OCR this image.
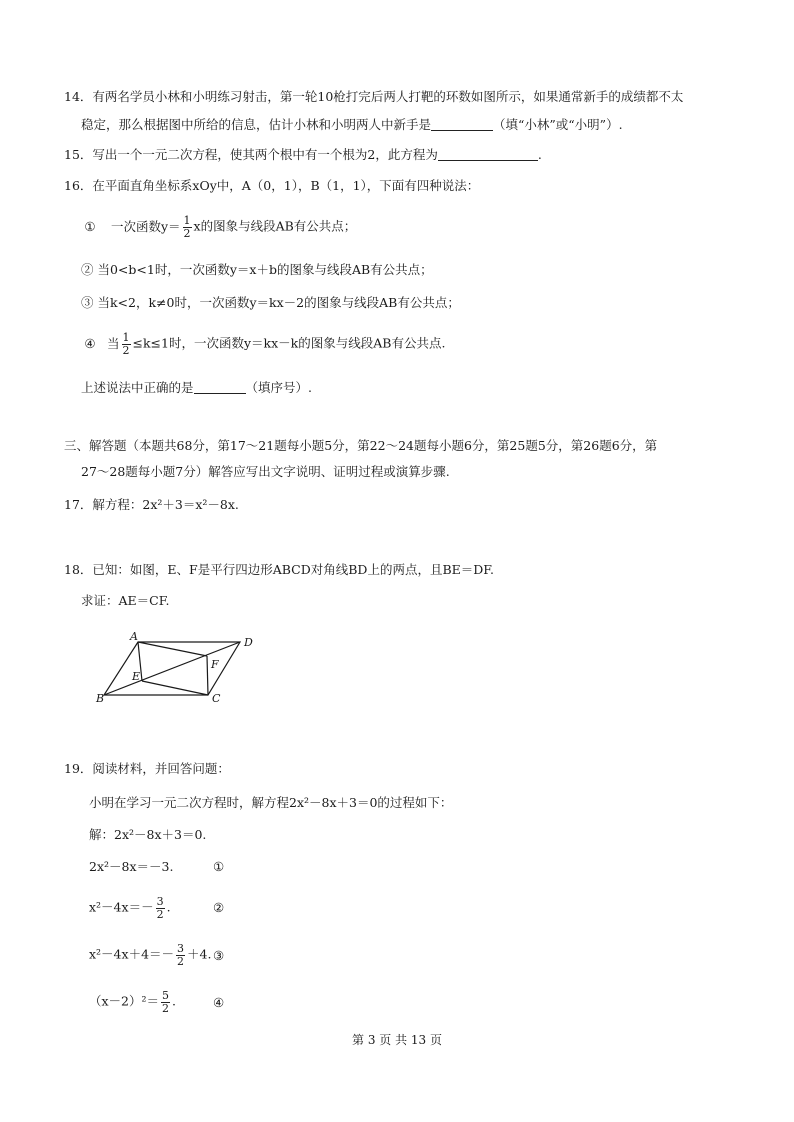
14．有两名学员小林和小明练习射击，第一轮10枪打完后两人打靶的环数如图所示，如果通常新手的成绩都不太
稳定，那么根据图中所给的信息，估计小林和小明两人中新手是	（填“小林”或“小明”）.
15．写出一个一元二次方程，使其两个根中有一个根为2，此方程为	.
16．在平面直角坐标系xOy中，A（0，1），B（1，1），下面有四种说法：
① 一次函数$y= \frac{1}{2}$ x的图象与线段AB有公共点；
② 当0<b<1时，一次函数y＝x＋b的图象与线段AB有公共点；
③ 当k<2，k≠0时，一次函数y＝kx－2的图象与线段AB有公共点；
④ 当 $\frac{1}{2} \le k\le 1$时，一次函数y＝kx－k的图象与线段AB有公共点.
上述说法中正确的是	（填序号）.
三、解答题（本题共68分，第17～21题每小题5分，第22～24题每小题6分，第25题5分，第26题6分，第
27～28题每小题7分）解答应写出文字说明、证明过程或演算步骤.
17．解方程：2x²＋3＝x²－8x.
18．已知：如图，E、F是平行四边形ABCD对角线BD上的两点，且BE＝DF.
求证：AE＝CF.
A	D
B	C
E
F
19．阅读材料，并回答问题：
小明在学习一元二次方程时，解方程2x²－8x＋3＝0的过程如下：
解：2x²－8x＋3＝0.
2x²－8x＝－3.	①
$x^2-4x=- \frac{3}{2}$ .	②
$x^2-4x+4=- \frac{3}{2} +4$. ③
$(x-2)^2= \frac{5}{2}$ .	④
第 3 页 共 13 页
